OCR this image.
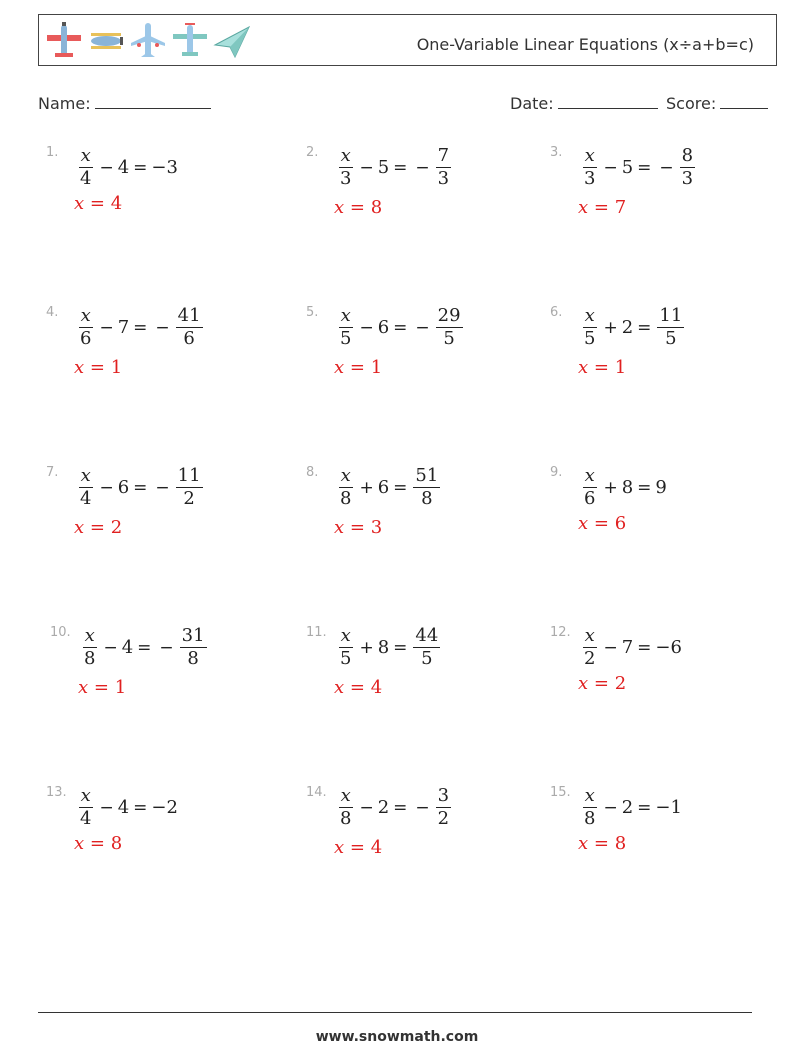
One-Variable Linear Equations (x÷a+b=c)
Name:	Date:	Score:
1. $\frac{x}{4} - 4 = -3$
x = 4
2. $\frac{x}{3} - 5$ = − $\frac{7}{3}$
x = 8
3. $\frac{x}{3} - 5$ = − $\frac{8}{3}$
x = 7
4. $\frac{x}{6} - 7$ = − $\frac{41}{6}$
x = 1
5. $\frac{x}{5} - 6$ = − $\frac{29}{5}$
x = 1
6. $\frac{x}{5} + 2 = \frac{11}{5}$
x = 1
7. $\frac{x}{4} - 6$ = − $\frac{11}{2}$
x = 2
8. $\frac{x}{8} + 6 = \frac{51}{8}$
x = 3
9. $\frac{x}{6} + 8 = 9$
x = 6
10. $\frac{x}{8} - 4$ = − $\frac{31}{8}$
x = 1
11. $\frac{x}{5} + 8 = \frac{44}{5}$
x = 4
12. $\frac{x}{2} - 7 = -6$
x = 2
13. $\frac{x}{4} - 4 = -2$
x = 8
14. $\frac{x}{8} - 2$ = − $\frac{3}{2}$
x = 4
15. $\frac{x}{8} - 2 = -1$
x = 8
www.snowmath.com
